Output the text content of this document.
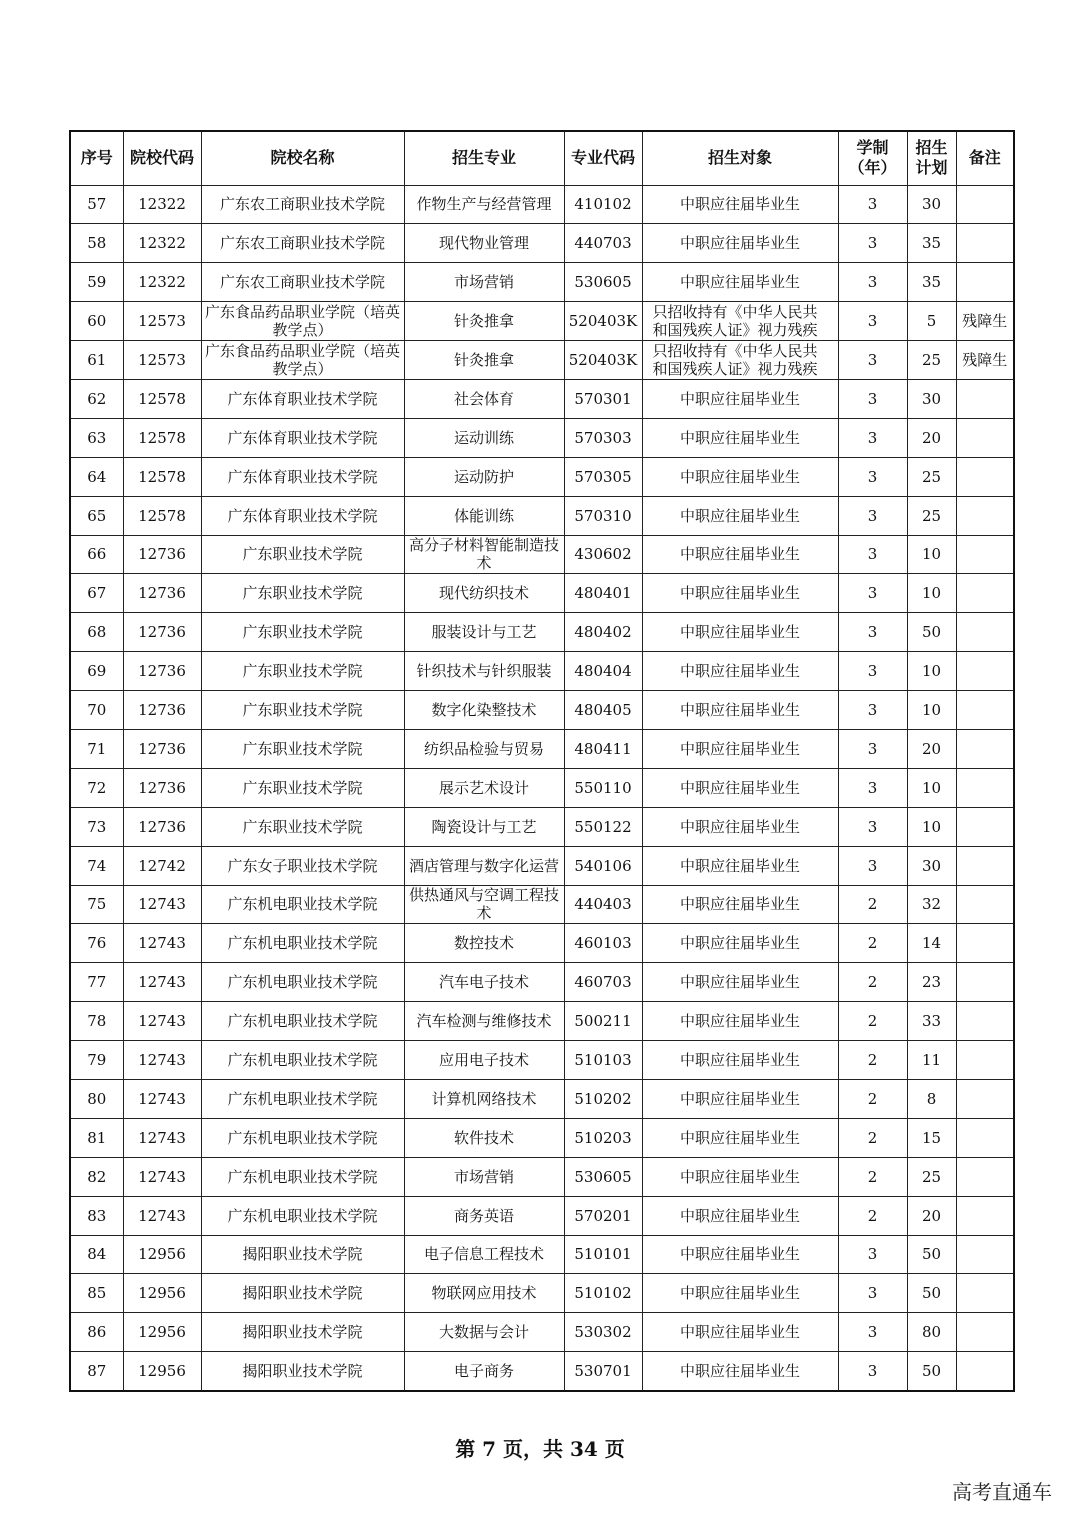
序号	院校代码	院校名称	招生专业	专业代码	招生对象	学制（年）	招生计划	备注

57	12322	广东农工商职业技术学院	作物生产与经营管理	410102	中职应往届毕业生	3	30	

58	12322	广东农工商职业技术学院	现代物业管理	440703	中职应往届毕业生	3	35	

59	12322	广东农工商职业技术学院	市场营销	530605	中职应往届毕业生	3	35	

60	12573	广东食品药品职业学院（培英教学点）	针灸推拿	520403K	只招收持有《中华人民共和国残疾人证》视力残疾	3	5	残障生

61	12573	广东食品药品职业学院（培英教学点）	针灸推拿	520403K	只招收持有《中华人民共和国残疾人证》视力残疾	3	25	残障生

62	12578	广东体育职业技术学院	社会体育	570301	中职应往届毕业生	3	30	

63	12578	广东体育职业技术学院	运动训练	570303	中职应往届毕业生	3	20	

64	12578	广东体育职业技术学院	运动防护	570305	中职应往届毕业生	3	25	

65	12578	广东体育职业技术学院	体能训练	570310	中职应往届毕业生	3	25	

66	12736	广东职业技术学院	高分子材料智能制造技术	430602	中职应往届毕业生	3	10	

67	12736	广东职业技术学院	现代纺织技术	480401	中职应往届毕业生	3	10	

68	12736	广东职业技术学院	服装设计与工艺	480402	中职应往届毕业生	3	50	

69	12736	广东职业技术学院	针织技术与针织服装	480404	中职应往届毕业生	3	10	

70	12736	广东职业技术学院	数字化染整技术	480405	中职应往届毕业生	3	10	

71	12736	广东职业技术学院	纺织品检验与贸易	480411	中职应往届毕业生	3	20	

72	12736	广东职业技术学院	展示艺术设计	550110	中职应往届毕业生	3	10	

73	12736	广东职业技术学院	陶瓷设计与工艺	550122	中职应往届毕业生	3	10	

74	12742	广东女子职业技术学院	酒店管理与数字化运营	540106	中职应往届毕业生	3	30	

75	12743	广东机电职业技术学院	供热通风与空调工程技术	440403	中职应往届毕业生	2	32	

76	12743	广东机电职业技术学院	数控技术	460103	中职应往届毕业生	2	14	

77	12743	广东机电职业技术学院	汽车电子技术	460703	中职应往届毕业生	2	23	

78	12743	广东机电职业技术学院	汽车检测与维修技术	500211	中职应往届毕业生	2	33	

79	12743	广东机电职业技术学院	应用电子技术	510103	中职应往届毕业生	2	11	

80	12743	广东机电职业技术学院	计算机网络技术	510202	中职应往届毕业生	2	8	

81	12743	广东机电职业技术学院	软件技术	510203	中职应往届毕业生	2	15	

82	12743	广东机电职业技术学院	市场营销	530605	中职应往届毕业生	2	25	

83	12743	广东机电职业技术学院	商务英语	570201	中职应往届毕业生	2	20	

84	12956	揭阳职业技术学院	电子信息工程技术	510101	中职应往届毕业生	3	50	

85	12956	揭阳职业技术学院	物联网应用技术	510102	中职应往届毕业生	3	50	

86	12956	揭阳职业技术学院	大数据与会计	530302	中职应往届毕业生	3	80	

87	12956	揭阳职业技术学院	电子商务	530701	中职应往届毕业生	3	50	

第 7 页，共 34 页
高考直通车
